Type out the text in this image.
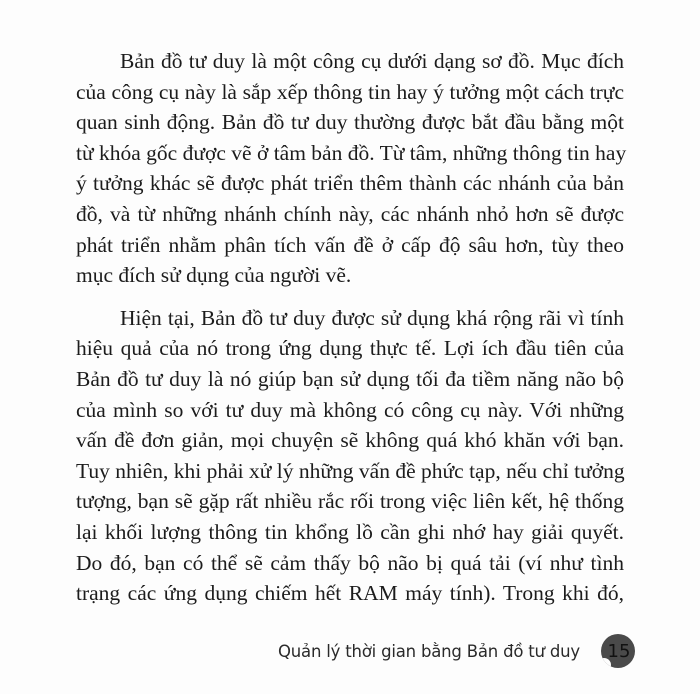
Bản đồ tư duy là một công cụ dưới dạng sơ đồ. Mục đích
của công cụ này là sắp xếp thông tin hay ý tưởng một cách trực
quan sinh động. Bản đồ tư duy thường được bắt đầu bằng một
từ khóa gốc được vẽ ở tâm bản đồ. Từ tâm, những thông tin hay
ý tưởng khác sẽ được phát triển thêm thành các nhánh của bản
đồ, và từ những nhánh chính này, các nhánh nhỏ hơn sẽ được
phát triển nhằm phân tích vấn đề ở cấp độ sâu hơn, tùy theo
mục đích sử dụng của người vẽ.
Hiện tại, Bản đồ tư duy được sử dụng khá rộng rãi vì tính
hiệu quả của nó trong ứng dụng thực tế. Lợi ích đầu tiên của
Bản đồ tư duy là nó giúp bạn sử dụng tối đa tiềm năng não bộ
của mình so với tư duy mà không có công cụ này. Với những
vấn đề đơn giản, mọi chuyện sẽ không quá khó khăn với bạn.
Tuy nhiên, khi phải xử lý những vấn đề phức tạp, nếu chỉ tưởng
tượng, bạn sẽ gặp rất nhiều rắc rối trong việc liên kết, hệ thống
lại khối lượng thông tin khổng lồ cần ghi nhớ hay giải quyết.
Do đó, bạn có thể sẽ cảm thấy bộ não bị quá tải (ví như tình
trạng các ứng dụng chiếm hết RAM máy tính). Trong khi đó,
Quản lý thời gian bằng Bản đồ tư duy 15
